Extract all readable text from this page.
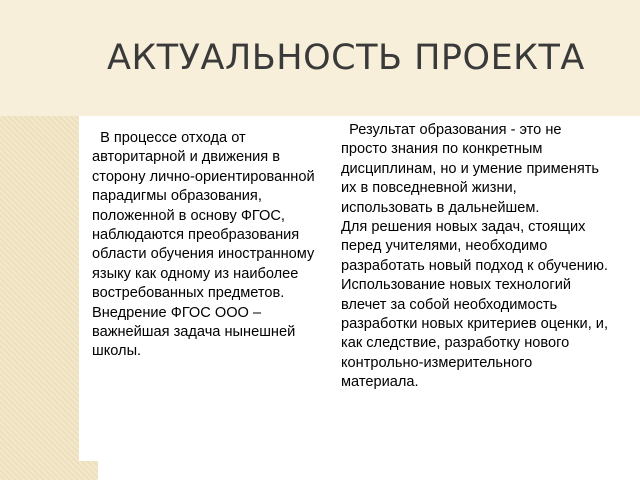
АКТУАЛЬНОСТЬ ПРОЕКТА

В процессе отхода от авторитарной и движения в сторону лично-ориентированной парадигмы образования, положенной в основу ФГОС, наблюдаются преобразования области обучения иностранному языку как одному из наиболее востребованных предметов.

Внедрение ФГОС ООО – важнейшая задача нынешней школы.

Результат образования - это не просто знания по конкретным дисциплинам, но и умение применять их в повседневной жизни, использовать в дальнейшем.

Для решения новых задач, стоящих перед учителями, необходимо разработать новый подход к обучению. Использование новых технологий влечет за собой необходимость разработки новых критериев оценки, и, как следствие, разработку нового контрольно-измерительного материала.
